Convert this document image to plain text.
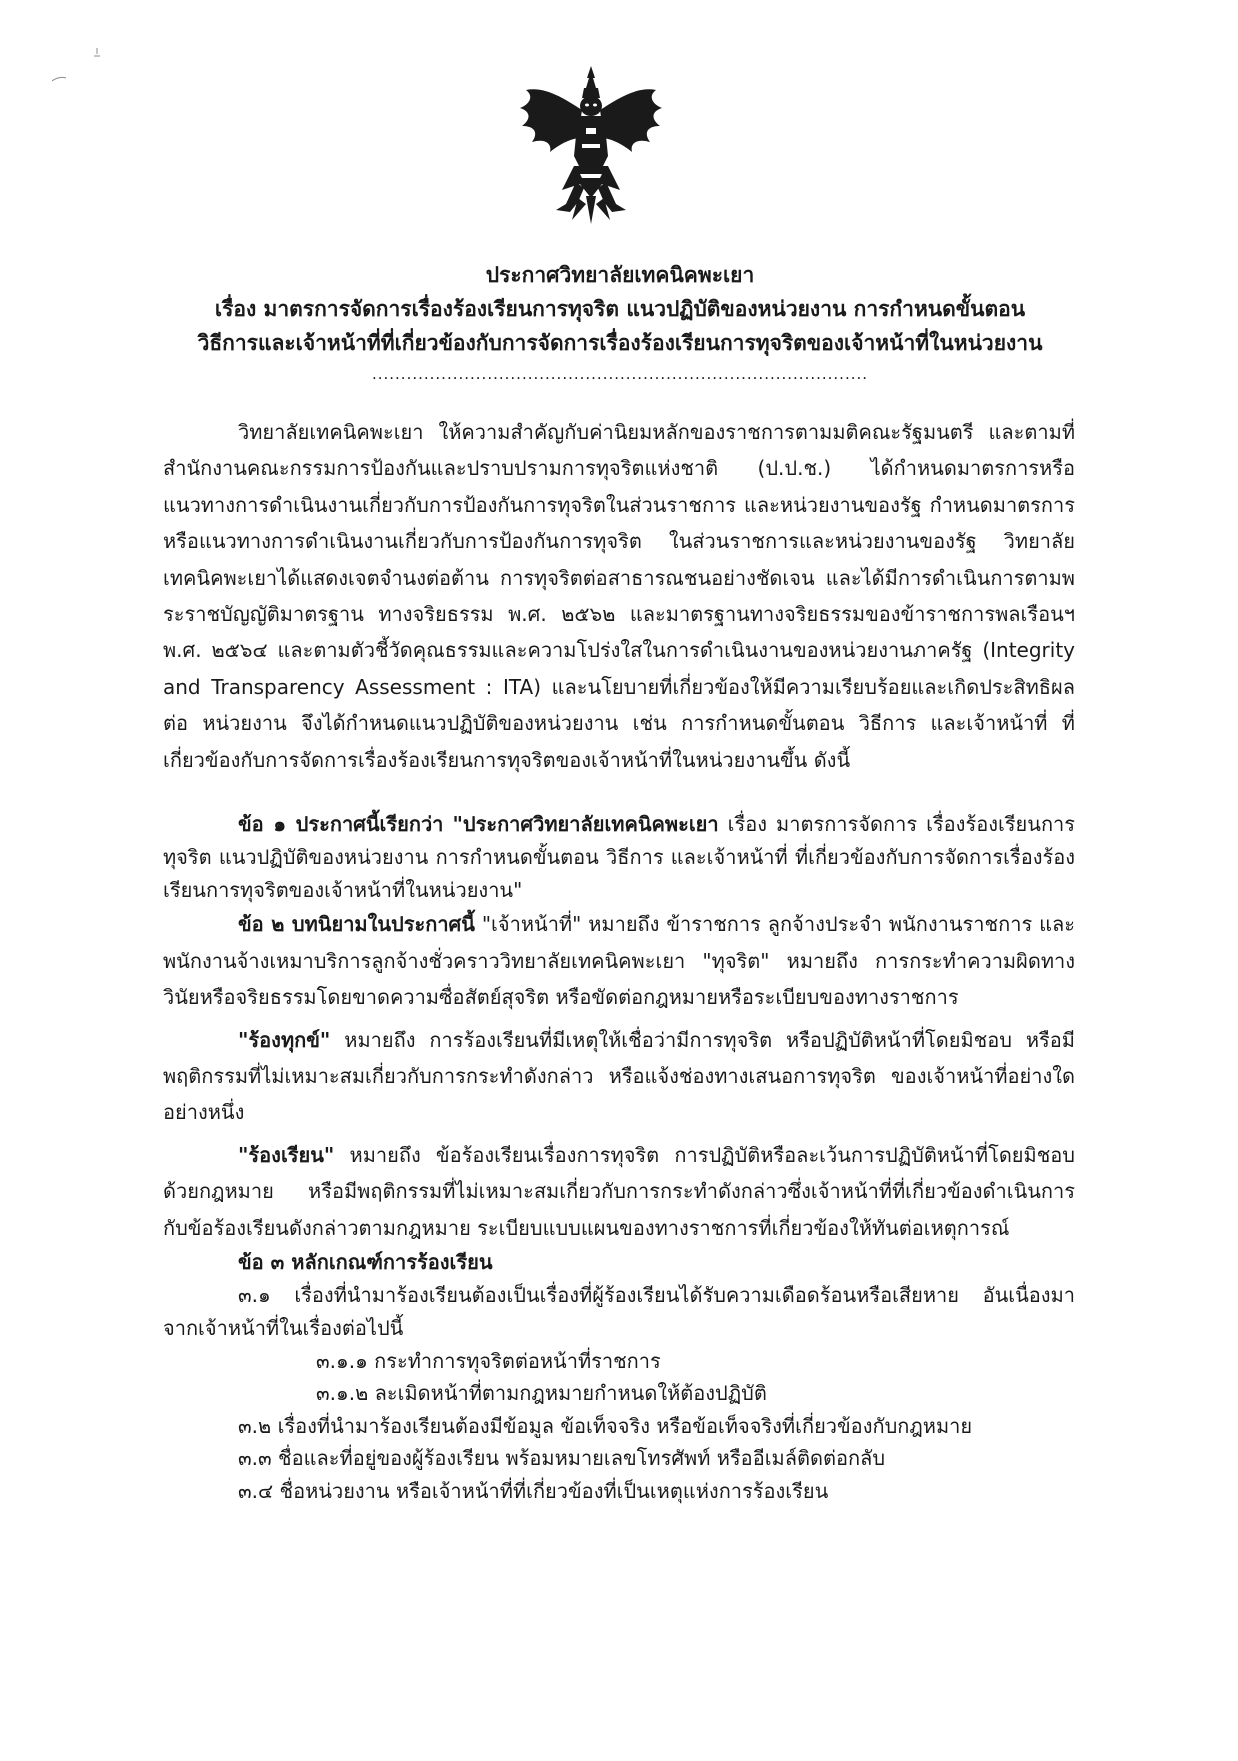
ประกาศวิทยาลัยเทคนิคพะเยา
เรื่อง มาตรการจัดการเรื่องร้องเรียนการทุจริต แนวปฏิบัติของหน่วยงาน การกำหนดขั้นตอน
วิธีการและเจ้าหน้าที่ที่เกี่ยวข้องกับการจัดการเรื่องร้องเรียนการทุจริตของเจ้าหน้าที่ในหน่วยงาน
......................................................................................

วิทยาลัยเทคนิคพะเยา ให้ความสำคัญกับค่านิยมหลักของราชการตามมติคณะรัฐมนตรี และตามที่สำนักงานคณะกรรมการป้องกันและปราบปรามการทุจริตแห่งชาติ (ป.ป.ช.) ได้กำหนดมาตรการหรือแนวทางการดำเนินงานเกี่ยวกับการป้องกันการทุจริตในส่วนราชการ และหน่วยงานของรัฐ กำหนดมาตรการหรือแนวทางการดำเนินงานเกี่ยวกับการป้องกันการทุจริต ในส่วนราชการและหน่วยงานของรัฐ วิทยาลัยเทคนิคพะเยาได้แสดงเจตจำนงต่อต้าน การทุจริตต่อสาธารณชนอย่างชัดเจน และได้มีการดำเนินการตามพระราชบัญญัติมาตรฐาน ทางจริยธรรม พ.ศ. ๒๕๖๒ และมาตรฐานทางจริยธรรมของข้าราชการพลเรือนฯ พ.ศ. ๒๕๖๔ และตามตัวชี้วัดคุณธรรมและความโปร่งใสในการดำเนินงานของหน่วยงานภาครัฐ (Integrity and Transparency Assessment : ITA) และนโยบายที่เกี่ยวข้องให้มีความเรียบร้อยและเกิดประสิทธิผลต่อ หน่วยงาน จึงได้กำหนดแนวปฏิบัติของหน่วยงาน เช่น การกำหนดขั้นตอน วิธีการ และเจ้าหน้าที่ ที่เกี่ยวข้องกับการจัดการเรื่องร้องเรียนการทุจริตของเจ้าหน้าที่ในหน่วยงานขึ้น ดังนี้

ข้อ ๑ ประกาศนี้เรียกว่า "ประกาศวิทยาลัยเทคนิคพะเยา เรื่อง มาตรการจัดการ เรื่องร้องเรียนการทุจริต แนวปฏิบัติของหน่วยงาน การกำหนดขั้นตอน วิธีการ และเจ้าหน้าที่ ที่เกี่ยวข้องกับการจัดการเรื่องร้องเรียนการทุจริตของเจ้าหน้าที่ในหน่วยงาน"

ข้อ ๒ บทนิยามในประกาศนี้ "เจ้าหน้าที่" หมายถึง ข้าราชการ ลูกจ้างประจำ พนักงานราชการ และพนักงานจ้างเหมาบริการลูกจ้างชั่วคราววิทยาลัยเทคนิคพะเยา "ทุจริต" หมายถึง การกระทำความผิดทางวินัยหรือจริยธรรมโดยขาดความซื่อสัตย์สุจริต หรือขัดต่อกฎหมายหรือระเบียบของทางราชการ

"ร้องทุกข์" หมายถึง การร้องเรียนที่มีเหตุให้เชื่อว่ามีการทุจริต หรือปฏิบัติหน้าที่โดยมิชอบ หรือมีพฤติกรรมที่ไม่เหมาะสมเกี่ยวกับการกระทำดังกล่าว หรือแจ้งช่องทางเสนอการทุจริต ของเจ้าหน้าที่อย่างใดอย่างหนึ่ง

"ร้องเรียน" หมายถึง ข้อร้องเรียนเรื่องการทุจริต การปฏิบัติหรือละเว้นการปฏิบัติหน้าที่โดยมิชอบ ด้วยกฎหมาย หรือมีพฤติกรรมที่ไม่เหมาะสมเกี่ยวกับการกระทำดังกล่าวซึ่งเจ้าหน้าที่ที่เกี่ยวข้องดำเนินการ กับข้อร้องเรียนดังกล่าวตามกฎหมาย ระเบียบแบบแผนของทางราชการที่เกี่ยวข้องให้ทันต่อเหตุการณ์

ข้อ ๓ หลักเกณฑ์การร้องเรียน

๓.๑ เรื่องที่นำมาร้องเรียนต้องเป็นเรื่องที่ผู้ร้องเรียนได้รับความเดือดร้อนหรือเสียหาย อันเนื่องมาจากเจ้าหน้าที่ในเรื่องต่อไปนี้

๓.๑.๑ กระทำการทุจริตต่อหน้าที่ราชการ
๓.๑.๒ ละเมิดหน้าที่ตามกฎหมายกำหนดให้ต้องปฏิบัติ
๓.๒ เรื่องที่นำมาร้องเรียนต้องมีข้อมูล ข้อเท็จจริง หรือข้อเท็จจริงที่เกี่ยวข้องกับกฎหมาย
๓.๓ ชื่อและที่อยู่ของผู้ร้องเรียน พร้อมหมายเลขโทรศัพท์ หรืออีเมล์ติดต่อกลับ
๓.๔ ชื่อหน่วยงาน หรือเจ้าหน้าที่ที่เกี่ยวข้องที่เป็นเหตุแห่งการร้องเรียน
